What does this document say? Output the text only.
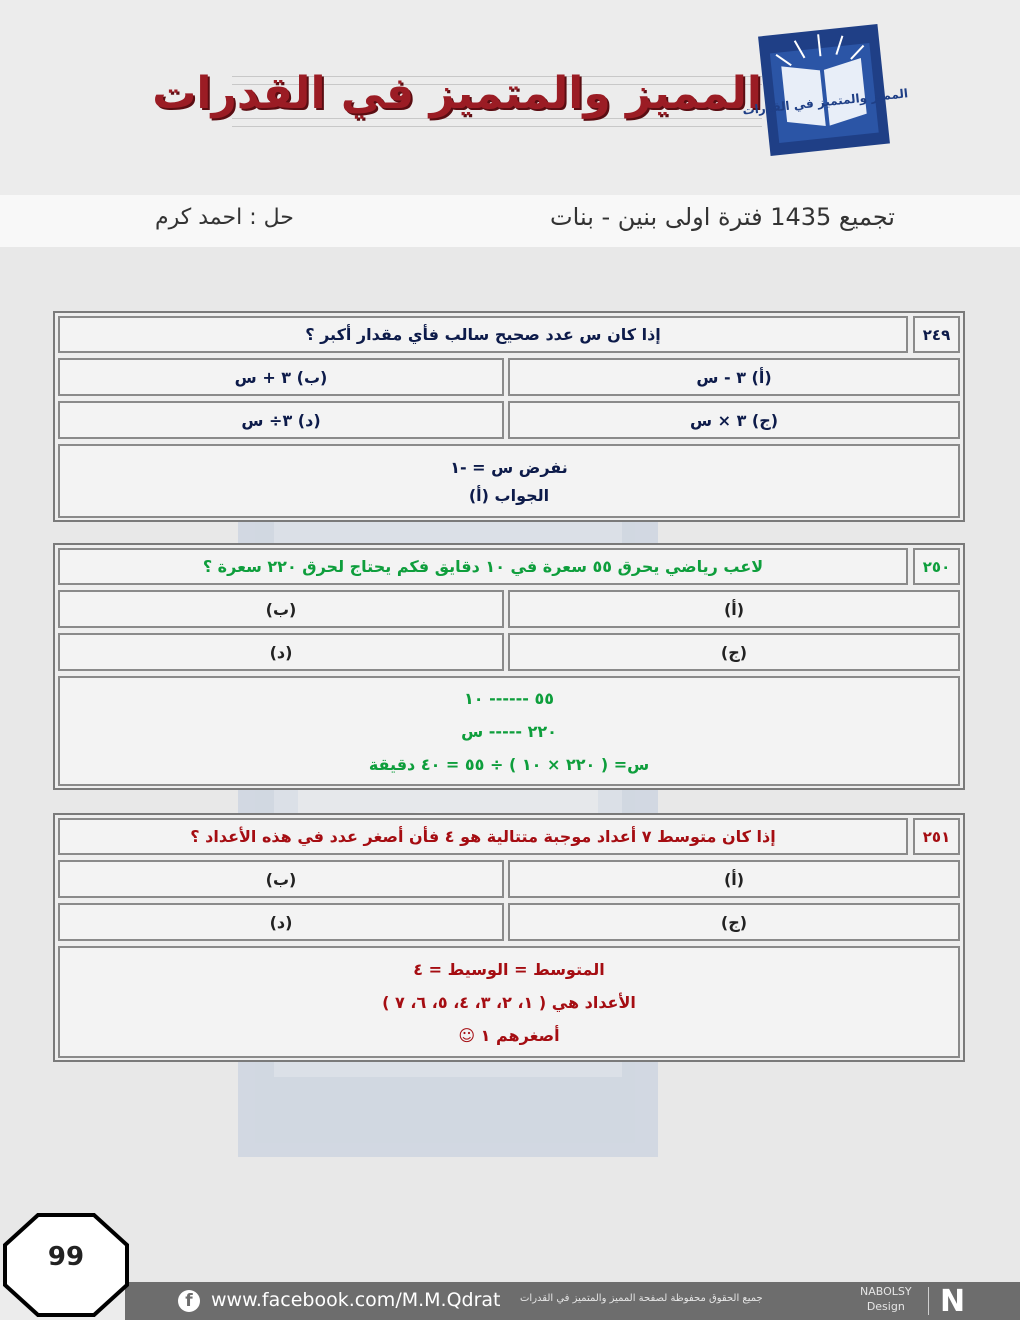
المميز والمتميز في القدرات
المميز والمتميز في القدرات
حل : احمد كرم	تجميع 1435 فترة اولى بنين - بنات
٢٤٩
إذا كان س عدد صحيح سالب فأي مقدار أكبر ؟
(أ) ٣ - س
(ب) ٣ + س
(ج) ٣ × س
(د) ٣÷ س
نفرض س = -١
الجواب (أ)
٢٥٠
لاعب رياضي يحرق ٥٥ سعرة في ١٠ دقايق فكم يحتاج لحرق ٢٢٠ سعرة ؟
(أ)
(ب)
(ج)
(د)
٥٥ ------ ١٠
٢٢٠ ----- س
س= ( ٢٢٠ × ١٠ ) ÷ ٥٥ = ٤٠ دقيقة
٢٥١
إذا كان متوسط ٧ أعداد موجبة متتالية هو ٤ فأن أصغر عدد في هذه الأعداد ؟
(أ)
(ب)
(ج)
(د)
المتوسط = الوسيط = ٤
الأعداد هي ( ١، ٢، ٣، ٤، ٥، ٦، ٧ )
أصغرهم ١ ☺
f www.facebook.com/M.M.Qdrat جميع الحقوق محفوظة لصفحة المميز والمتميز في القدرات
NABOLSY
Design N
99
